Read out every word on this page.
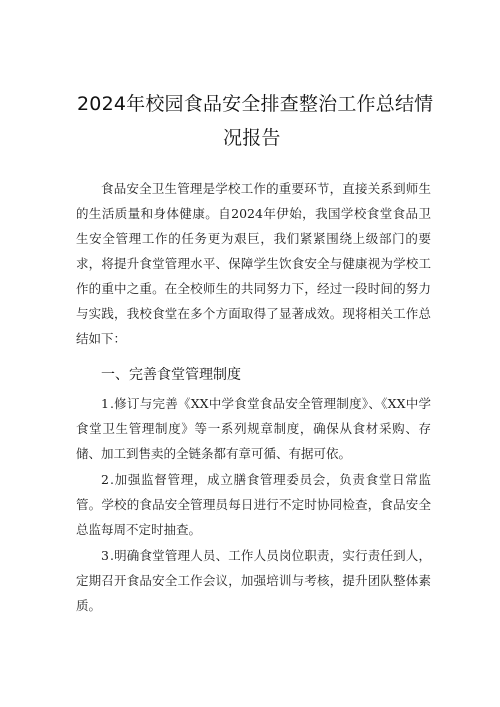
2024年校园食品安全排查整治工作总结情
况报告

食品安全卫生管理是学校工作的重要环节，直接关系到师生的生活质量和身体健康。自2024年伊始，我国学校食堂食品卫生安全管理工作的任务更为艰巨，我们紧紧围绕上级部门的要求，将提升食堂管理水平、保障学生饮食安全与健康视为学校工作的重中之重。在全校师生的共同努力下，经过一段时间的努力与实践，我校食堂在多个方面取得了显著成效。现将相关工作总结如下：

一、完善食堂管理制度

1.修订与完善《XX中学食堂食品安全管理制度》、《XX中学食堂卫生管理制度》等一系列规章制度，确保从食材采购、存储、加工到售卖的全链条都有章可循、有据可依。

2.加强监督管理，成立膳食管理委员会，负责食堂日常监管。学校的食品安全管理员每日进行不定时协同检查，食品安全总监每周不定时抽查。

3.明确食堂管理人员、工作人员岗位职责，实行责任到人，定期召开食品安全工作会议，加强培训与考核，提升团队整体素质。
